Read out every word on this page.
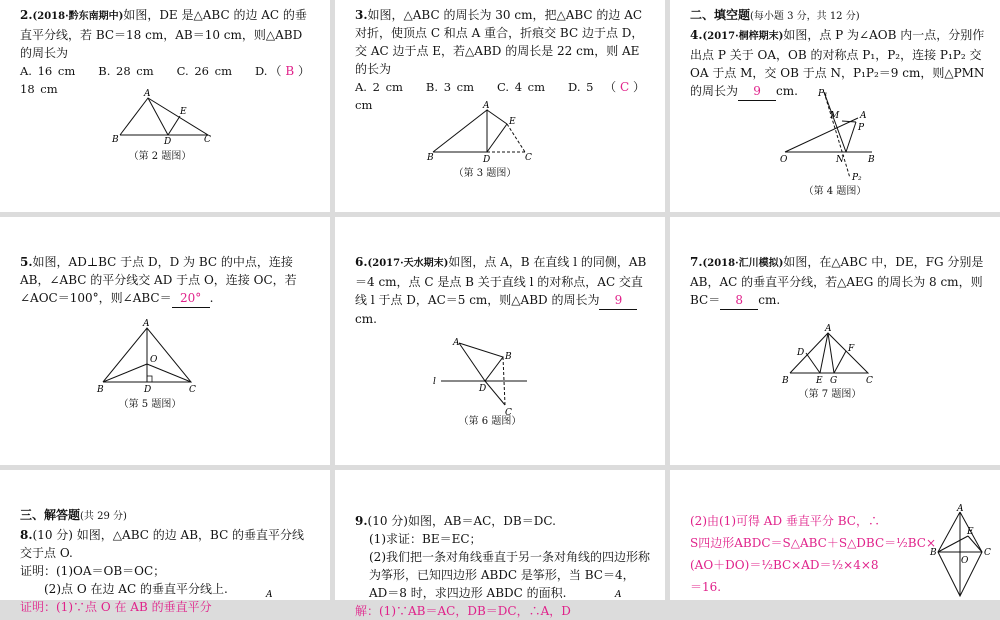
2.(2018·黔东南期中)如图，DE 是△ABC 的边 AC 的垂直平分线，若 BC＝18 cm，AB＝10 cm，则△ABD 的周长为
（ B ）
A. 16 cm　　B. 28 cm　　C. 26 cm　　D. 18 cm	A
B	C
D
E
（第 2 题图）
3.如图，△ABC 的周长为 30 cm，把△ABC 的边 AC 对折，使顶点 C 和点 A 重合，折痕交 BC 边于点 D，交 AC 边于点 E，若△ABD 的周长是 22 cm，则 AE 的长为
（ C ）
A. 2 cm　　B. 3 cm　　C. 4 cm　　D. 5 cm	A
B	C
D
E
（第 3 题图）
二、填空题(每小题 3 分，共 12 分)
4.(2017·桐梓期末)如图，点 P 为∠AOB 内一点，分别作出点 P 关于 OA，OB 的对称点 P₁，P₂，连接 P₁P₂ 交 OA 于点 M，交 OB 于点 N，P₁P₂＝9 cm，则△PMN 的周长为 9 cm.
O
A
B
P
P₁
P₂
M
N
（第 4 题图）
5.如图，AD⊥BC 于点 D，D 为 BC 的中点，连接 AB，∠ABC 的平分线交 AD 于点 O，连接 OC，若∠AOC＝100°，则∠ABC＝ 20° .
A
B	C
D
O
（第 5 题图）
6.(2017·天水期末)如图，点 A，B 在直线 l 的同侧，AB＝4 cm，点 C 是点 B 关于直线 l 的对称点，AC 交直线 l 于点 D，AC＝5 cm，则△ABD 的周长为 9cm.
A
B
C
D
l
（第 6 题图）
7.(2018·汇川模拟)如图，在△ABC 中，DE，FG 分别是 AB，AC 的垂直平分线，若△AEG 的周长为 8 cm，则 BC＝ 8 cm.
A
B	C
D
E
F
G
（第 7 题图）
三、解答题(共 29 分)
8.(10 分) 如图，△ABC 的边 AB，BC 的垂直平分线交于点 O.
证明：(1)OA＝OB＝OC；
(2)点 O 在边 AC 的垂直平分线上.
证明：(1)∵点 O 在 AB 的垂直平分
A
9.(10 分)如图，AB＝AC，DB＝DC.
(1)求证：BE＝EC；
(2)我们把一条对角线垂直于另一条对角线的四边形称为筝形，已知四边形 ABDC 是筝形，当 BC＝4，AD＝8 时，求四边形 ABDC 的面积.
解：(1)∵AB＝AC，DB＝DC，∴A，D
A
(2)由(1)可得 AD 垂直平分 BC，∴
S四边形ABDC＝S△ABC＋S△DBC＝½BC×
(AO＋DO)＝½BC×AD＝½×4×8
＝16.
A
B	C
E
O
